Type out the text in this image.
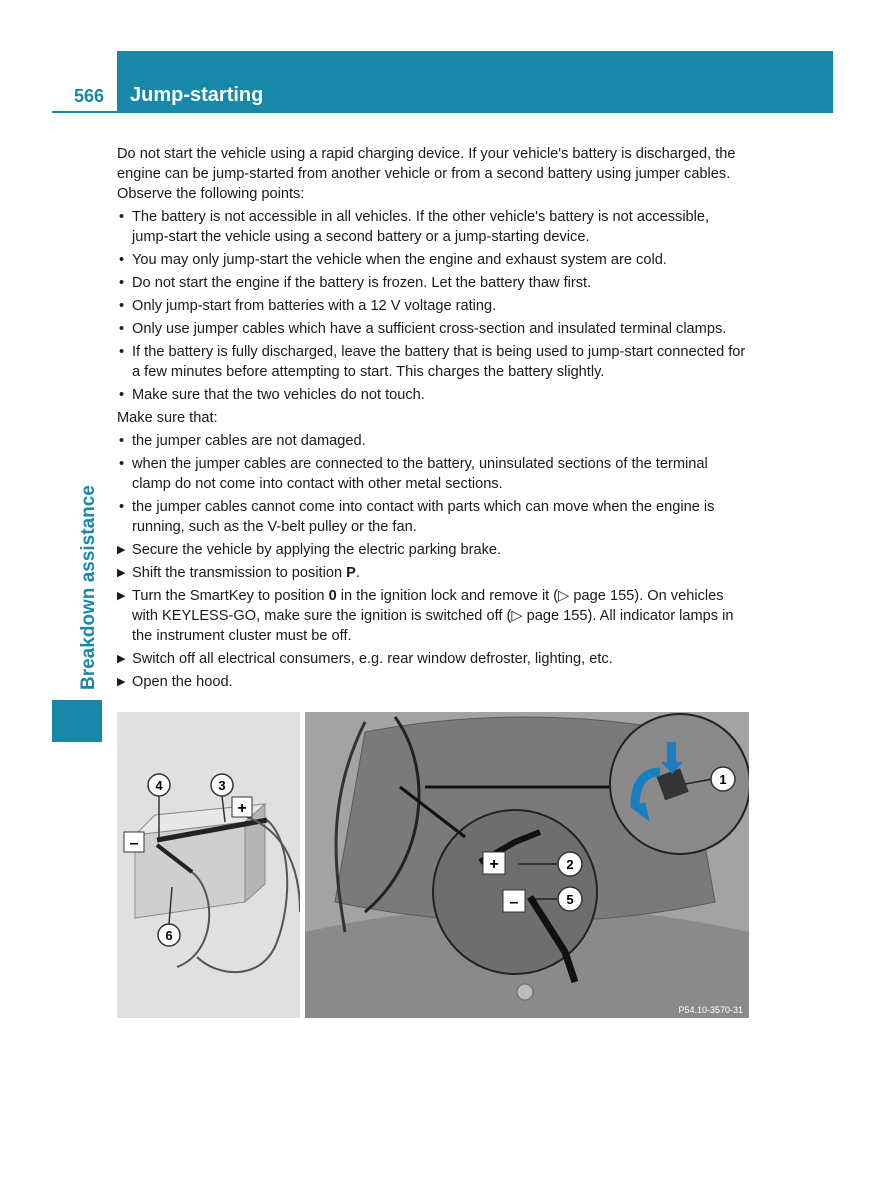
566 Jump-starting
Breakdown assistance

Do not start the vehicle using a rapid charging device. If your vehicle's battery is discharged, the engine can be jump-started from another vehicle or from a second battery using jumper cables. Observe the following points:

• The battery is not accessible in all vehicles. If the other vehicle's battery is not accessible, jump-start the vehicle using a second battery or a jump-starting device.
• You may only jump-start the vehicle when the engine and exhaust system are cold.
• Do not start the engine if the battery is frozen. Let the battery thaw first.
• Only jump-start from batteries with a 12 V voltage rating.
• Only use jumper cables which have a sufficient cross-section and insulated terminal clamps.
• If the battery is fully discharged, leave the battery that is being used to jump-start connected for a few minutes before attempting to start. This charges the battery slightly.
• Make sure that the two vehicles do not touch.

Make sure that:

• the jumper cables are not damaged.
• when the jumper cables are connected to the battery, uninsulated sections of the terminal clamp do not come into contact with other metal sections.
• the jumper cables cannot come into contact with parts which can move when the engine is running, such as the V-belt pulley or the fan.
▶ Secure the vehicle by applying the electric parking brake.
▶ Shift the transmission to position P.
▶ Turn the SmartKey to position 0 in the ignition lock and remove it (▷ page 155). On vehicles with KEYLESS-GO, make sure the ignition is switched off (▷ page 155). All indicator lamps in the instrument cluster must be off.
▶ Switch off all electrical consumers, e.g. rear window defroster, lighting, etc.
▶ Open the hood.
4	3
6
+
–
+
–
2
5
1
P54.10-3570-31
